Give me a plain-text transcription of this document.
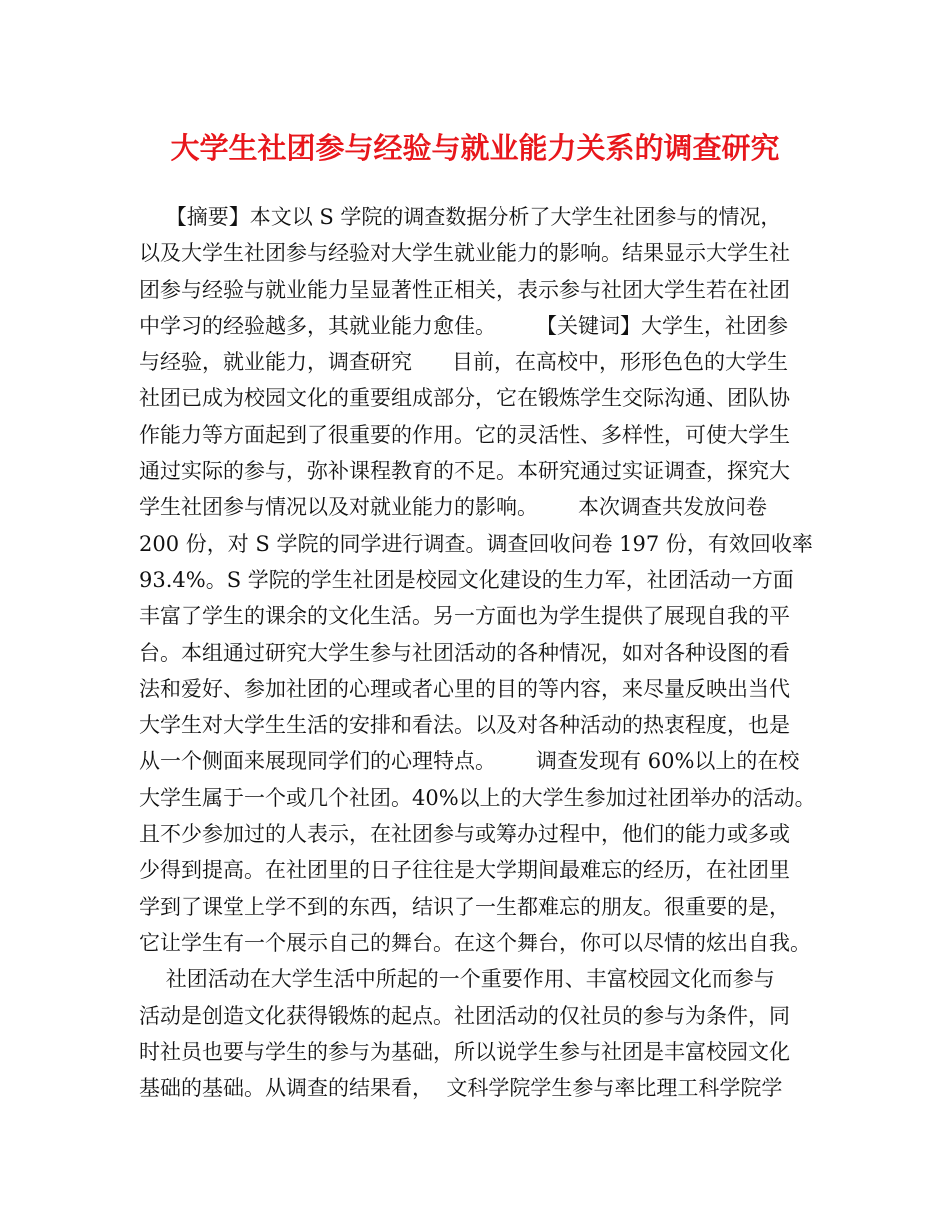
大学生社团参与经验与就业能力关系的调查研究
【摘要】本文以 S 学院的调查数据分析了大学生社团参与的情况，
以及大学生社团参与经验对大学生就业能力的影响。结果显示大学生社
团参与经验与就业能力呈显著性正相关，表示参与社团大学生若在社团
中学习的经验越多，其就业能力愈佳。      【关键词】大学生，社团参
与经验，就业能力，调查研究      目前，在高校中，形形色色的大学生
社团已成为校园文化的重要组成部分，它在锻炼学生交际沟通、团队协
作能力等方面起到了很重要的作用。它的灵活性、多样性，可使大学生
通过实际的参与，弥补课程教育的不足。本研究通过实证调查，探究大
学生社团参与情况以及对就业能力的影响。      本次调查共发放问卷
200 份，对 S 学院的同学进行调查。调查回收问卷 197 份，有效回收率
93.4%。S 学院的学生社团是校园文化建设的生力军，社团活动一方面
丰富了学生的课余的文化生活。另一方面也为学生提供了展现自我的平
台。本组通过研究大学生参与社团活动的各种情况，如对各种设图的看
法和爱好、参加社团的心理或者心里的目的等内容，来尽量反映出当代
大学生对大学生生活的安排和看法。以及对各种活动的热衷程度，也是
从一个侧面来展现同学们的心理特点。      调查发现有 60%以上的在校
大学生属于一个或几个社团。40%以上的大学生参加过社团举办的活动。
且不少参加过的人表示，在社团参与或筹办过程中，他们的能力或多或
少得到提高。在社团里的日子往往是大学期间最难忘的经历，在社团里
学到了课堂上学不到的东西，结识了一生都难忘的朋友。很重要的是，
它让学生有一个展示自己的舞台。在这个舞台，你可以尽情的炫出自我。
社团活动在大学生活中所起的一个重要作用、丰富校园文化而参与
活动是创造文化获得锻炼的起点。社团活动的仅社员的参与为条件，同
时社员也要与学生的参与为基础，所以说学生参与社团是丰富校园文化
基础的基础。从调查的结果看，  文科学院学生参与率比理工科学院学
